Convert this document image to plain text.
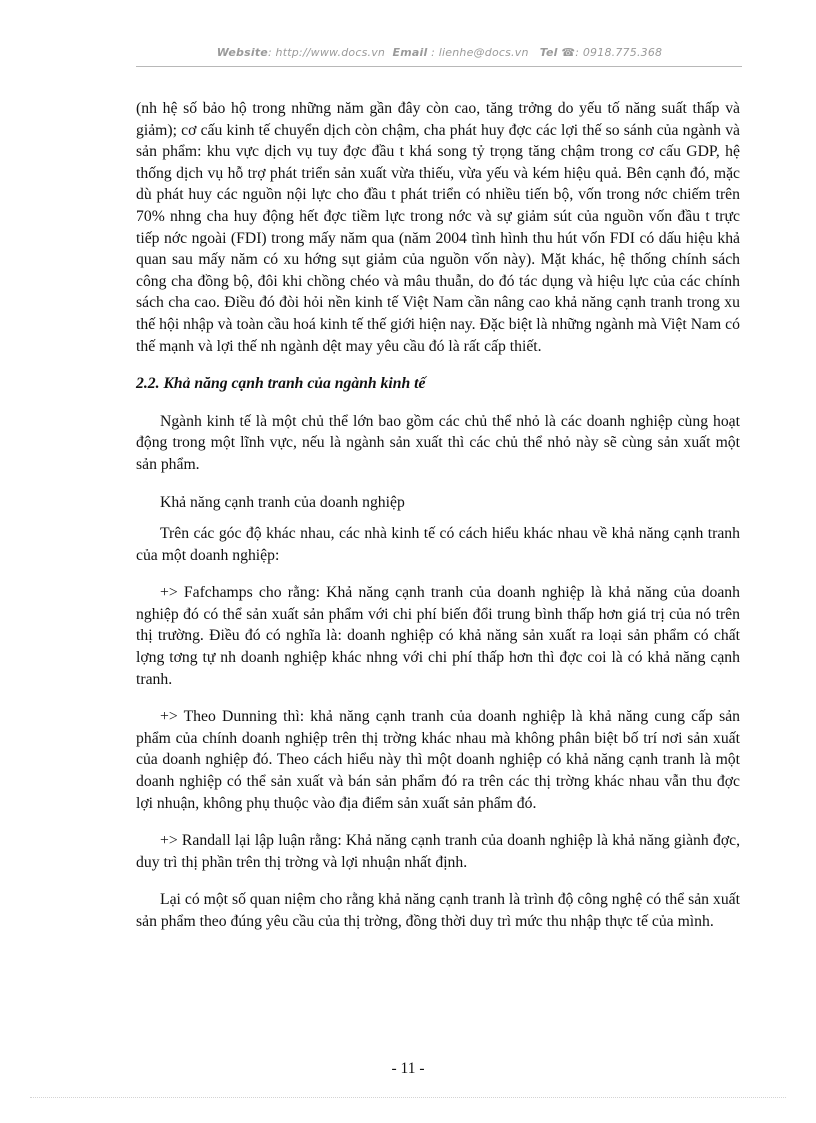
Website: http://www.docs.vn Email : lienhe@docs.vn Tel ☎: 0918.775.368

(nh hệ số bảo hộ trong những năm gần đây còn cao, tăng trởng do yếu tố năng suất thấp và giảm); cơ cấu kinh tế chuyển dịch còn chậm, cha phát huy đợc các lợi thế so sánh của ngành và sản phẩm: khu vực dịch vụ tuy đợc đầu t khá song tỷ trọng tăng chậm trong cơ cấu GDP, hệ thống dịch vụ hỗ trợ phát triển sản xuất vừa thiếu, vừa yếu và kém hiệu quả. Bên cạnh đó, mặc dù phát huy các nguồn nội lực cho đầu t phát triển có nhiều tiến bộ, vốn trong nớc chiếm trên 70% nhng cha huy động hết đợc tiềm lực trong nớc và sự giảm sút của nguồn vốn đầu t trực tiếp nớc ngoài (FDI) trong mấy năm qua (năm 2004 tình hình thu hút vốn FDI có dấu hiệu khả quan sau mấy năm có xu hớng sụt giảm của nguồn vốn này). Mặt khác, hệ thống chính sách công cha đồng bộ, đôi khi chồng chéo và mâu thuẫn, do đó tác dụng và hiệu lực của các chính sách cha cao. Điều đó đòi hỏi nền kinh tế Việt Nam cần nâng cao khả năng cạnh tranh trong xu thế hội nhập và toàn cầu hoá kinh tế thế giới hiện nay. Đặc biệt là những ngành mà Việt Nam có thế mạnh và lợi thế nh ngành dệt may yêu cầu đó là rất cấp thiết.

2.2. Khả năng cạnh tranh của ngành kinh tế

Ngành kinh tế là một chủ thể lớn bao gồm các chủ thể nhỏ là các doanh nghiệp cùng hoạt động trong một lĩnh vực, nếu là ngành sản xuất thì các chủ thể nhỏ này sẽ cùng sản xuất một sản phẩm.

Khả năng cạnh tranh của doanh nghiệp

Trên các góc độ khác nhau, các nhà kinh tế có cách hiểu khác nhau về khả năng cạnh tranh của một doanh nghiệp:

+> Fafchamps cho rằng: Khả năng cạnh tranh của doanh nghiệp là khả năng của doanh nghiệp đó có thể sản xuất sản phẩm với chi phí biến đổi trung bình thấp hơn giá trị của nó trên thị trường. Điều đó có nghĩa là: doanh nghiệp có khả năng sản xuất ra loại sản phẩm có chất lợng tơng tự nh doanh nghiệp khác nhng với chi phí thấp hơn thì đợc coi là có khả năng cạnh tranh.

+> Theo Dunning thì: khả năng cạnh tranh của doanh nghiệp là khả năng cung cấp sản phẩm của chính doanh nghiệp trên thị trờng khác nhau mà không phân biệt bố trí nơi sản xuất của doanh nghiệp đó. Theo cách hiểu này thì một doanh nghiệp có khả năng cạnh tranh là một doanh nghiệp có thể sản xuất và bán sản phẩm đó ra trên các thị trờng khác nhau vẫn thu đợc lợi nhuận, không phụ thuộc vào địa điểm sản xuất sản phẩm đó.

+> Randall lại lập luận rằng: Khả năng cạnh tranh của doanh nghiệp là khả năng giành đợc, duy trì thị phần trên thị trờng và lợi nhuận nhất định.

Lại có một số quan niệm cho rằng khả năng cạnh tranh là trình độ công nghệ có thể sản xuất sản phẩm theo đúng yêu cầu của thị trờng, đồng thời duy trì mức thu nhập thực tế của mình.

- 11 -
